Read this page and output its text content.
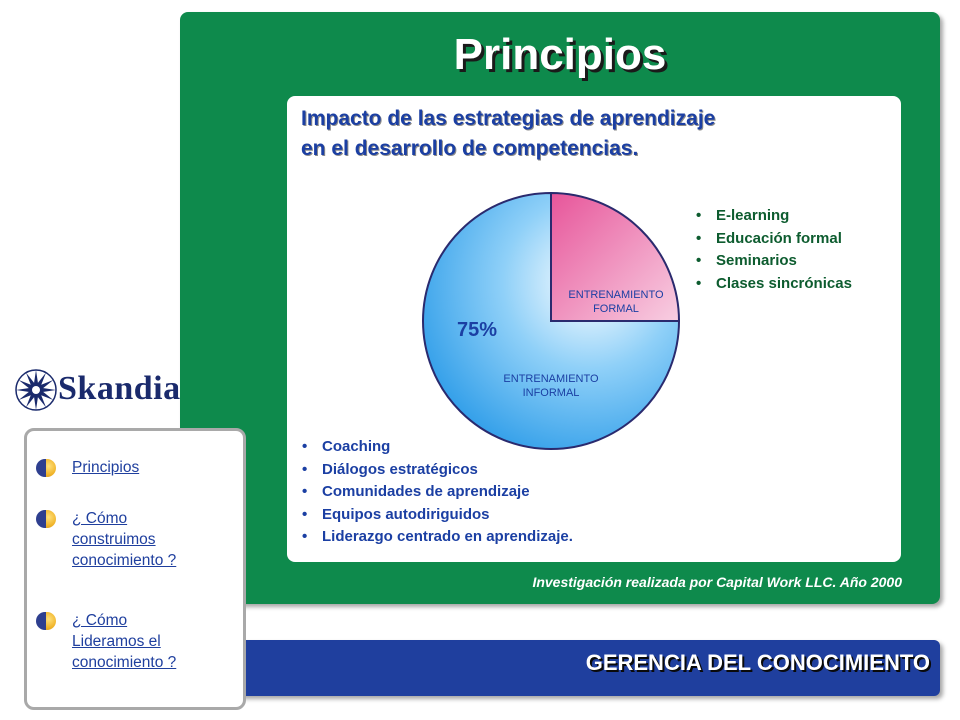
Principios
Impacto de las estrategias de aprendizaje
en el desarrollo de competencias.
ENTRENAMIENTO FORMAL
ENTRENAMIENTO INFORMAL
75%
• E-learning
• Educación formal
• Seminarios
• Clases sincrónicas
• Coaching
• Diálogos estratégicos
• Comunidades de aprendizaje
• Equipos autodiriguidos
• Liderazgo centrado en aprendizaje.
Investigación realizada por Capital Work LLC. Año 2000
GERENCIA DEL CONOCIMIENTO
Skandia
Principios
¿ Cómo
construimos
conocimiento ?
¿ Cómo
Lideramos el
conocimiento ?
